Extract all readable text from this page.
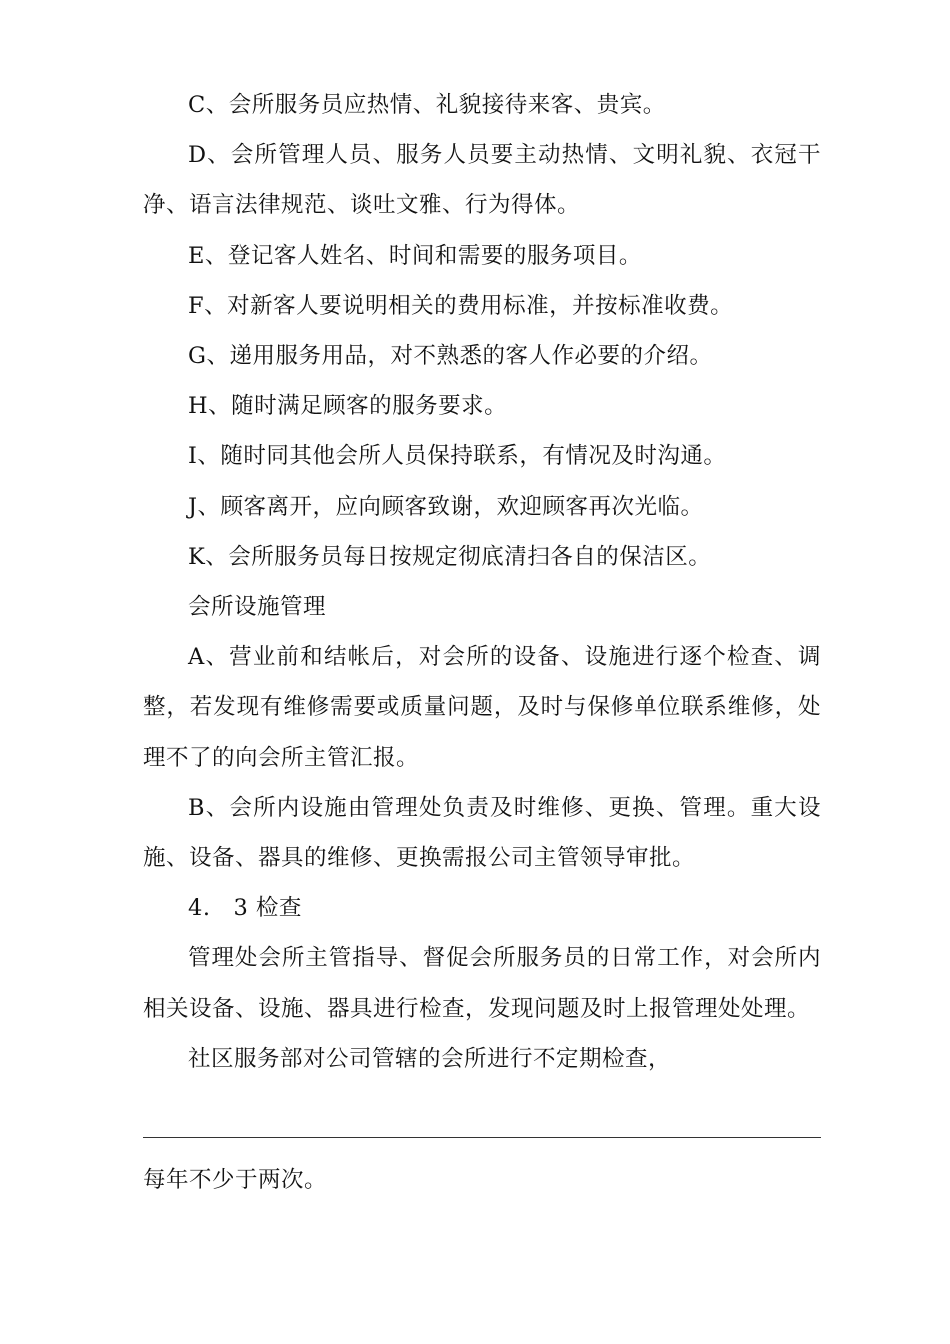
C、会所服务员应热情、礼貌接待来客、贵宾。

D、会所管理人员、服务人员要主动热情、文明礼貌、衣冠干净、语言法律规范、谈吐文雅、行为得体。

E、登记客人姓名、时间和需要的服务项目。

F、对新客人要说明相关的费用标准，并按标准收费。

G、递用服务用品，对不熟悉的客人作必要的介绍。

H、随时满足顾客的服务要求。

I、随时同其他会所人员保持联系，有情况及时沟通。

J、顾客离开，应向顾客致谢，欢迎顾客再次光临。

K、会所服务员每日按规定彻底清扫各自的保洁区。

会所设施管理

A、营业前和结帐后，对会所的设备、设施进行逐个检查、调整，若发现有维修需要或质量问题，及时与保修单位联系维修，处理不了的向会所主管汇报。

B、会所内设施由管理处负责及时维修、更换、管理。重大设施、设备、器具的维修、更换需报公司主管领导审批。

4.　3 检查

管理处会所主管指导、督促会所服务员的日常工作，对会所内相关设备、设施、器具进行检查，发现问题及时上报管理处处理。

社区服务部对公司管辖的会所进行不定期检查，

每年不少于两次。
